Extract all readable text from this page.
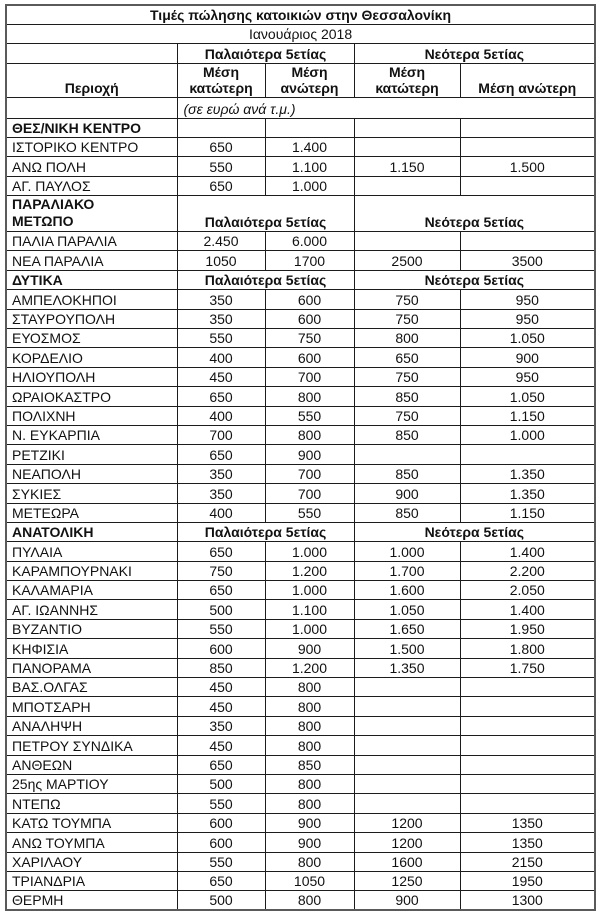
Τιμές πώλησης κατοικιών στην Θεσσαλονίκη				
Ιανουάριος 2018				
	Παλαιότερα 5ετίας		Νεότερα 5ετίας	
Περιοχή	Μέση κατώτερη	Μέση ανώτερη	Μέση κατώτερη	Μέση ανώτερη
	(σε ευρώ ανά τ.μ.)			
ΘΕΣ/ΝΙΚΗ ΚΕΝΤΡΟ				
ΙΣΤΟΡΙΚΟ ΚΕΝΤΡΟ	650	1.400		
ΑΝΩ ΠΟΛΗ	550	1.100	1.150	1.500
ΑΓ. ΠΑΥΛΟΣ	650	1.000		
ΠΑΡΑΛΙΑΚΟ ΜΕΤΩΠΟ	Παλαιότερα 5ετίας		Νεότερα 5ετίας	
ΠΑΛΙΑ ΠΑΡΑΛΙΑ	2.450	6.000		
ΝΕΑ ΠΑΡΑΛΙΑ	1050	1700	2500	3500
ΔΥΤΙΚΑ	Παλαιότερα 5ετίας		Νεότερα 5ετίας	
ΑΜΠΕΛΟΚΗΠΟΙ	350	600	750	950
ΣΤΑΥΡΟΥΠΟΛΗ	350	600	750	950
ΕΥΟΣΜΟΣ	550	750	800	1.050
ΚΟΡΔΕΛΙΟ	400	600	650	900
ΗΛΙΟΥΠΟΛΗ	450	700	750	950
ΩΡΑΙΟΚΑΣΤΡΟ	650	800	850	1.050
ΠΟΛΙΧΝΗ	400	550	750	1.150
Ν. ΕΥΚΑΡΠΙΑ	700	800	850	1.000
ΡΕΤΖΙΚΙ	650	900		
ΝΕΑΠΟΛΗ	350	700	850	1.350
ΣΥΚΙΕΣ	350	700	900	1.350
ΜΕΤΕΩΡΑ	400	550	850	1.150
ΑΝΑΤΟΛΙΚΗ	Παλαιότερα 5ετίας		Νεότερα 5ετίας	
ΠΥΛΑΙΑ	650	1.000	1.000	1.400
ΚΑΡΑΜΠΟΥΡΝΑΚΙ	750	1.200	1.700	2.200
ΚΑΛΑΜΑΡΙΑ	650	1.000	1.600	2.050
ΑΓ. ΙΩΑΝΝΗΣ	500	1.100	1.050	1.400
ΒΥΖΑΝΤΙΟ	550	1.000	1.650	1.950
ΚΗΦΙΣΙΑ	600	900	1.500	1.800
ΠΑΝΟΡΑΜΑ	850	1.200	1.350	1.750
ΒΑΣ.ΟΛΓΑΣ	450	800		
ΜΠΟΤΣΑΡΗ	450	800		
ΑΝΑΛΗΨΗ	350	800		
ΠΕΤΡΟΥ ΣΥΝΔΙΚΑ	450	800		
ΑΝΘΕΩΝ	650	850		
25ης ΜΑΡΤΙΟΥ	500	800		
ΝΤΕΠΩ	550	800		
ΚΑΤΩ ΤΟΥΜΠΑ	600	900	1200	1350
ΑΝΩ ΤΟΥΜΠΑ	600	900	1200	1350
ΧΑΡΙΛΑΟΥ	550	800	1600	2150
ΤΡΙΑΝΔΡΙΑ	650	1050	1250	1950
ΘΕΡΜΗ	500	800	900	1300
